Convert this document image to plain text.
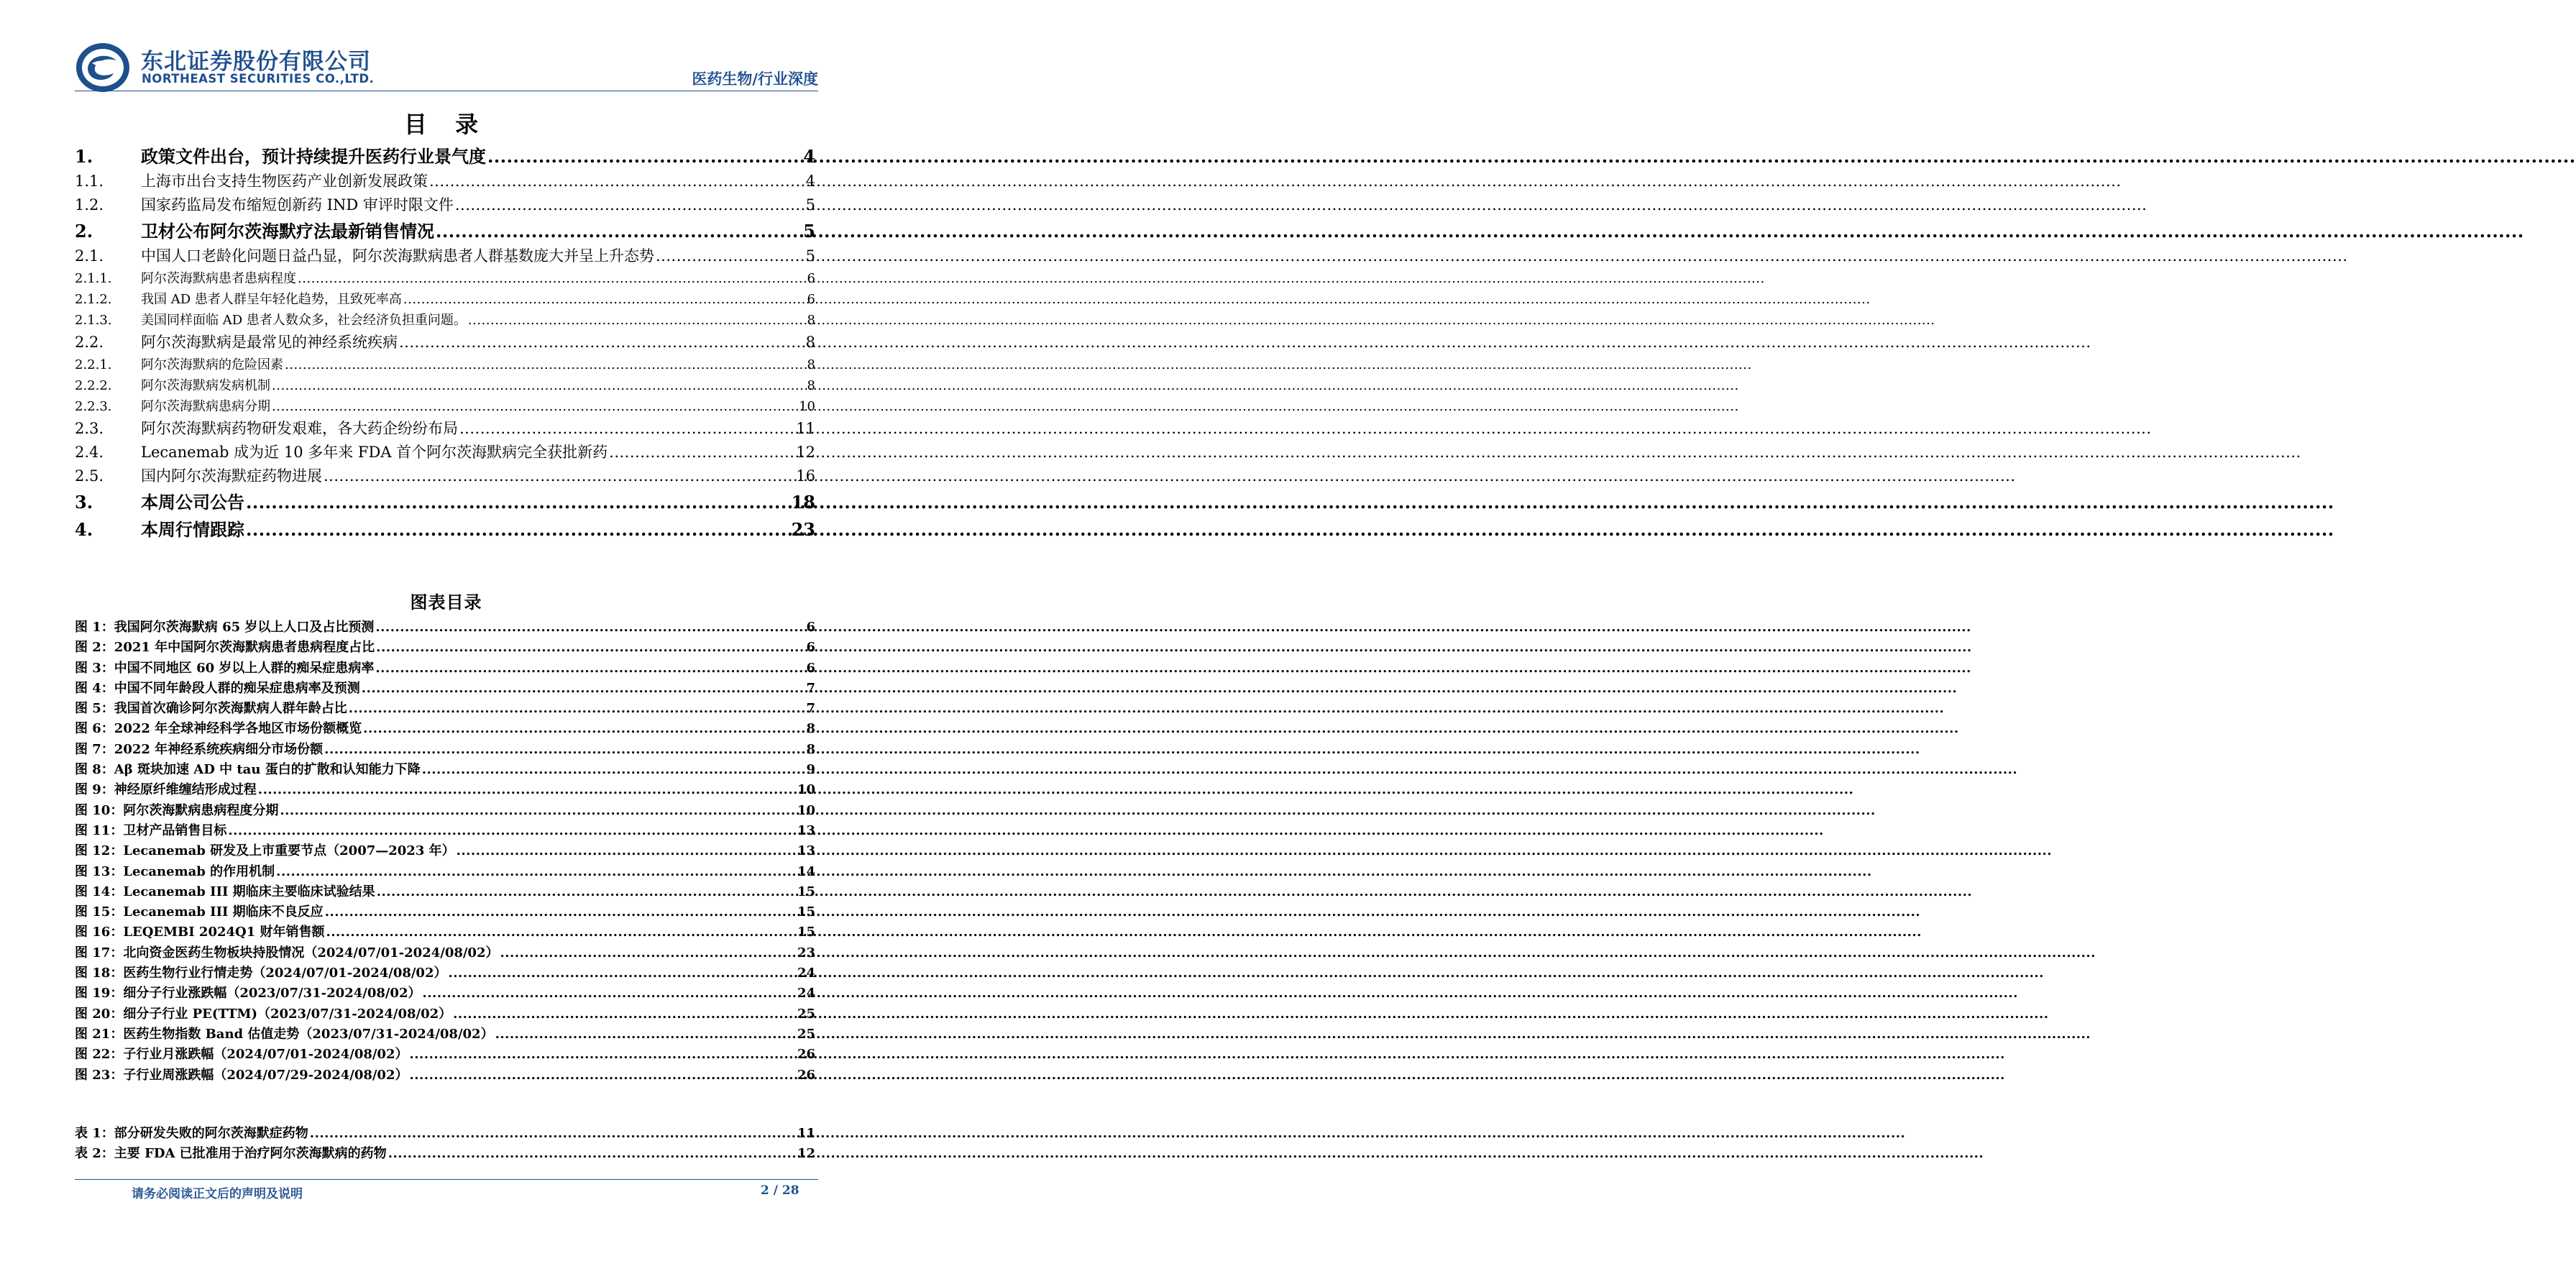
东北证券股份有限公司
NORTHEAST SECURITIES CO.,LTD.	医药生物/行业深度
目 录
1.	政策文件出台，预计持续提升医药行业景气度 .....	4
1.1.	上海市出台支持生物医药产业创新发展政策 .....	4
1.2.	国家药监局发布缩短创新药 IND 审评时限文件 .....	5
2.	卫材公布阿尔茨海默疗法最新销售情况 .....	5
2.1.	中国人口老龄化问题日益凸显，阿尔茨海默病患者人群基数庞大并呈上升态势 .....	5
2.1.1.	阿尔茨海默病患者患病程度 .....	6
2.1.2.	我国 AD 患者人群呈年轻化趋势，且致死率高 .....	6
2.1.3.	美国同样面临 AD 患者人数众多，社会经济负担重问题。 .....	8
2.2.	阿尔茨海默病是最常见的神经系统疾病 .....	8
2.2.1.	阿尔茨海默病的危险因素 .....	8
2.2.2.	阿尔茨海默病发病机制 .....	8
2.2.3.	阿尔茨海默病患病分期 .....	10
2.3.	阿尔茨海默病药物研发艰难，各大药企纷纷布局 .....	11
2.4.	Lecanemab 成为近 10 多年来 FDA 首个阿尔茨海默病完全获批新药 .....	12
2.5.	国内阿尔茨海默症药物进展 .....	16
3.	本周公司公告 .....	18
4.	本周行情跟踪 .....	23
图表目录
图 1： 我国阿尔茨海默病 65 岁以上人口及占比预测 .....	6
图 2： 2021 年中国阿尔茨海默病患者患病程度占比 .....	6
图 3： 中国不同地区 60 岁以上人群的痴呆症患病率 .....	6
图 4： 中国不同年龄段人群的痴呆症患病率及预测 .....	7
图 5： 我国首次确诊阿尔茨海默病人群年龄占比 .....	7
图 6： 2022 年全球神经科学各地区市场份额概览 .....	8
图 7： 2022 年神经系统疾病细分市场份额 .....	8
图 8： Aβ 斑块加速 AD 中 tau 蛋白的扩散和认知能力下降 .....	9
图 9： 神经原纤维缠结形成过程 .....	10
图 10： 阿尔茨海默病患病程度分期 .....	10
图 11： 卫材产品销售目标 .....	13
图 12： Lecanemab 研发及上市重要节点（2007—2023 年） .....	13
图 13： Lecanemab 的作用机制 .....	14
图 14： Lecanemab III 期临床主要临床试验结果 .....	15
图 15： Lecanemab III 期临床不良反应 .....	15
图 16： LEQEMBI 2024Q1 财年销售额 .....	15
图 17： 北向资金医药生物板块持股情况（2024/07/01-2024/08/02） .....	23
图 18： 医药生物行业行情走势（2024/07/01-2024/08/02） .....	24
图 19： 细分子行业涨跌幅（2023/07/31-2024/08/02） .....	24
图 20： 细分子行业 PE(TTM)（2023/07/31-2024/08/02） .....	25
图 21： 医药生物指数 Band 估值走势（2023/07/31-2024/08/02） .....	25
图 22： 子行业月涨跌幅（2024/07/01-2024/08/02） .....	26
图 23： 子行业周涨跌幅（2024/07/29-2024/08/02） .....	26
表 1： 部分研发失败的阿尔茨海默症药物 .....	11
表 2： 主要 FDA 已批准用于治疗阿尔茨海默病的药物 .....	12
请务必阅读正文后的声明及说明	2 / 28
